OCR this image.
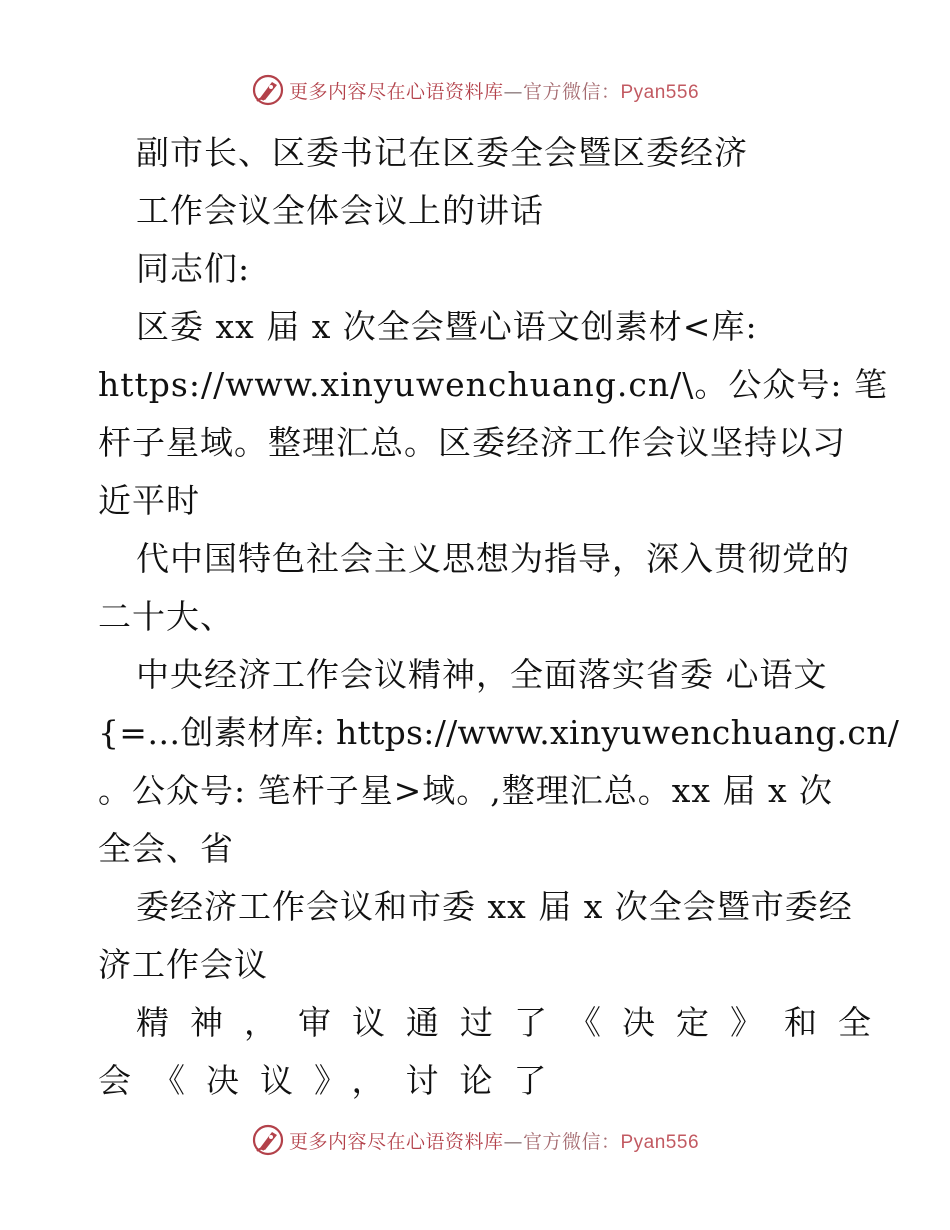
更多内容尽在心语资料库—官方微信：Pyan556
副市长、区委书记在区委全会暨区委经济
工作会议全体会议上的讲话
同志们:
区委 xx 届 x 次全会暨心语文创素材<库:
https://www.xinyuwenchuang.cn/\。公众号: 笔
杆子星域。整理汇总。区委经济工作会议坚持以习
近平时
代中国特色社会主义思想为指导，深入贯彻党的
二十大、
中央经济工作会议精神，全面落实省委 心语文
{=…创素材库: https://www.xinyuwenchuang.cn/
。公众号: 笔杆子星>域。,整理汇总。xx 届 x 次
全会、省
委经济工作会议和市委 xx 届 x 次全会暨市委经
济工作会议
精神，审议通过了《决定》和全
会《决议》，讨论了
更多内容尽在心语资料库—官方微信：Pyan556
